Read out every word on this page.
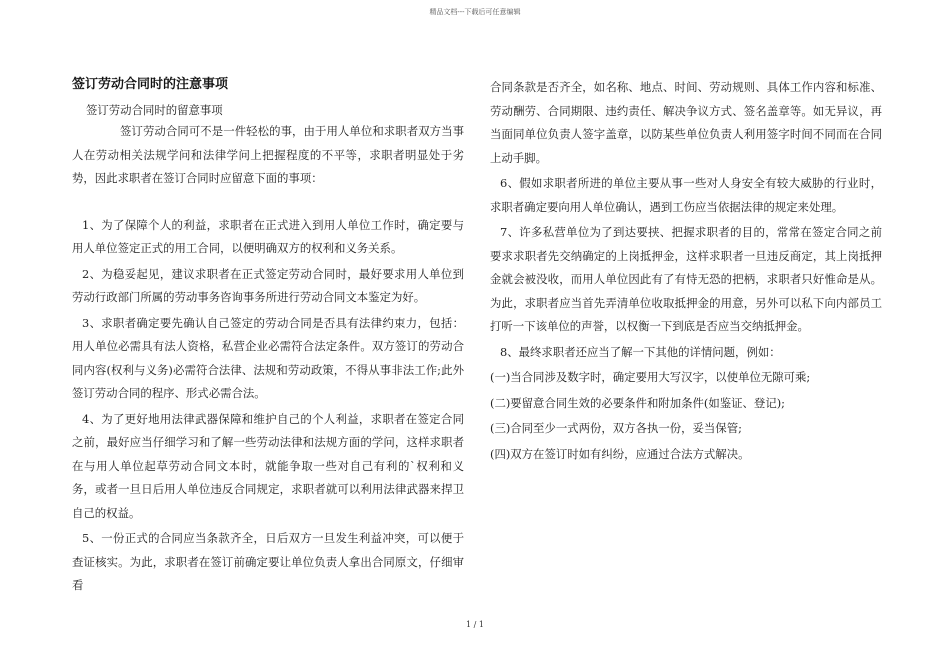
精品文档---下载后可任意编辑
签订劳动合同时的注意事项
签订劳动合同时的留意事项
签订劳动合同可不是一件轻松的事，由于用人单位和求职者双方当事人在劳动相关法规学问和法律学问上把握程度的不平等，求职者明显处于劣势，因此求职者在签订合同时应留意下面的事项：
1、为了保障个人的利益，求职者在正式进入到用人单位工作时，确定要与用人单位签定正式的用工合同，以便明确双方的权利和义务关系。
2、为稳妥起见，建议求职者在正式签定劳动合同时，最好要求用人单位到劳动行政部门所属的劳动事务咨询事务所进行劳动合同文本鉴定为好。
3、求职者确定要先确认自己签定的劳动合同是否具有法律约束力，包括：用人单位必需具有法人资格，私营企业必需符合法定条件。双方签订的劳动合同内容(权利与义务)必需符合法律、法规和劳动政策，不得从事非法工作;此外签订劳动合同的程序、形式必需合法。
4、为了更好地用法律武器保障和维护自己的个人利益，求职者在签定合同之前，最好应当仔细学习和了解一些劳动法律和法规方面的学问，这样求职者在与用人单位起草劳动合同文本时，就能争取一些对自己有利的`权利和义务，或者一旦日后用人单位违反合同规定，求职者就可以利用法律武器来捍卫自己的权益。
5、一份正式的合同应当条款齐全，日后双方一旦发生利益冲突，可以便于查证核实。为此，求职者在签订前确定要让单位负责人拿出合同原文，仔细审看
合同条款是否齐全，如名称、地点、时间、劳动规则、具体工作内容和标准、劳动酬劳、合同期限、违约责任、解决争议方式、签名盖章等。如无异议，再当面同单位负责人签字盖章，以防某些单位负责人利用签字时间不同而在合同上动手脚。
6、假如求职者所进的单位主要从事一些对人身安全有较大威胁的行业时，求职者确定要向用人单位确认，遇到工伤应当依据法律的规定来处理。
7、许多私营单位为了到达要挟、把握求职者的目的，常常在签定合同之前要求求职者先交纳确定的上岗抵押金，这样求职者一旦违反商定，其上岗抵押金就会被没收，而用人单位因此有了有恃无恐的把柄，求职者只好惟命是从。为此，求职者应当首先弄清单位收取抵押金的用意，另外可以私下向内部员工打听一下该单位的声誉，以权衡一下到底是否应当交纳抵押金。
8、最终求职者还应当了解一下其他的详情问题，例如：
(一)当合同涉及数字时，确定要用大写汉字，以使单位无隙可乘;
(二)要留意合同生效的必要条件和附加条件(如鉴证、登记);
(三)合同至少一式两份，双方各执一份，妥当保管;
(四)双方在签订时如有纠纷，应通过合法方式解决。
1 / 1
